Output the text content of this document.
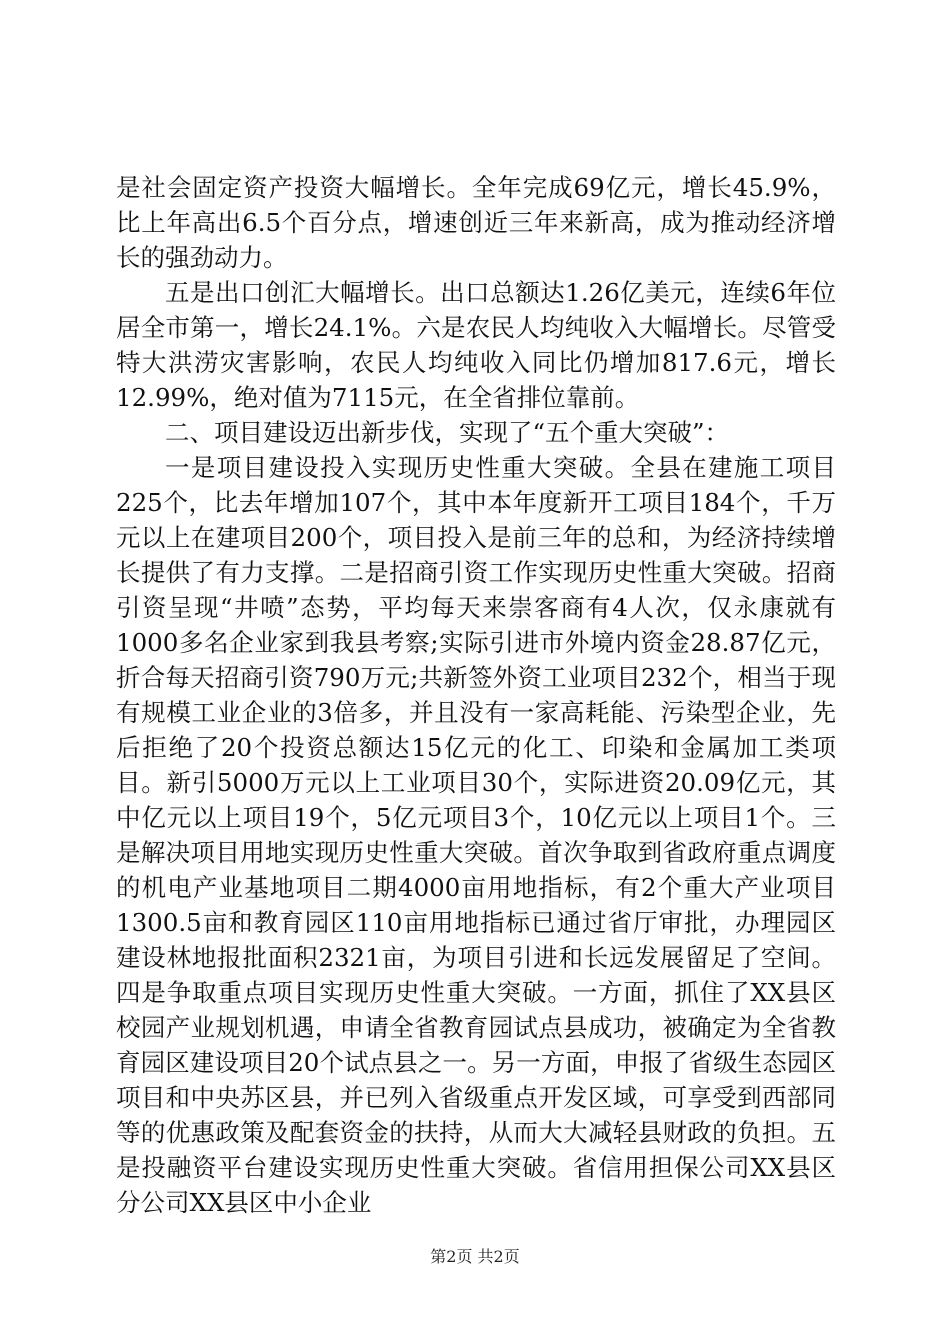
是社会固定资产投资大幅增长。全年完成69亿元，增长45.9%，比上年高出6.5个百分点，增速创近三年来新高，成为推动经济增长的强劲动力。

五是出口创汇大幅增长。出口总额达1.26亿美元，连续6年位居全市第一，增长24.1%。六是农民人均纯收入大幅增长。尽管受特大洪涝灾害影响，农民人均纯收入同比仍增加817.6元，增长12.99%，绝对值为7115元，在全省排位靠前。

二、项目建设迈出新步伐，实现了“五个重大突破”：

一是项目建设投入实现历史性重大突破。全县在建施工项目225个，比去年增加107个，其中本年度新开工项目184个，千万元以上在建项目200个，项目投入是前三年的总和，为经济持续增长提供了有力支撑。二是招商引资工作实现历史性重大突破。招商引资呈现“井喷”态势，平均每天来崇客商有4人次，仅永康就有1000多名企业家到我县考察;实际引进市外境内资金28.87亿元，折合每天招商引资790万元;共新签外资工业项目232个，相当于现有规模工业企业的3倍多，并且没有一家高耗能、污染型企业，先后拒绝了20个投资总额达15亿元的化工、印染和金属加工类项目。新引5000万元以上工业项目30个，实际进资20.09亿元，其中亿元以上项目19个，5亿元项目3个，10亿元以上项目1个。三是解决项目用地实现历史性重大突破。首次争取到省政府重点调度的机电产业基地项目二期4000亩用地指标，有2个重大产业项目1300.5亩和教育园区110亩用地指标已通过省厅审批，办理园区建设林地报批面积2321亩，为项目引进和长远发展留足了空间。四是争取重点项目实现历史性重大突破。一方面，抓住了XX县区校园产业规划机遇，申请全省教育园试点县成功，被确定为全省教育园区建设项目20个试点县之一。另一方面，申报了省级生态园区项目和中央苏区县，并已列入省级重点开发区域，可享受到西部同等的优惠政策及配套资金的扶持，从而大大减轻县财政的负担。五是投融资平台建设实现历史性重大突破。省信用担保公司XX县区分公司XX县区中小企业

第2页 共2页
